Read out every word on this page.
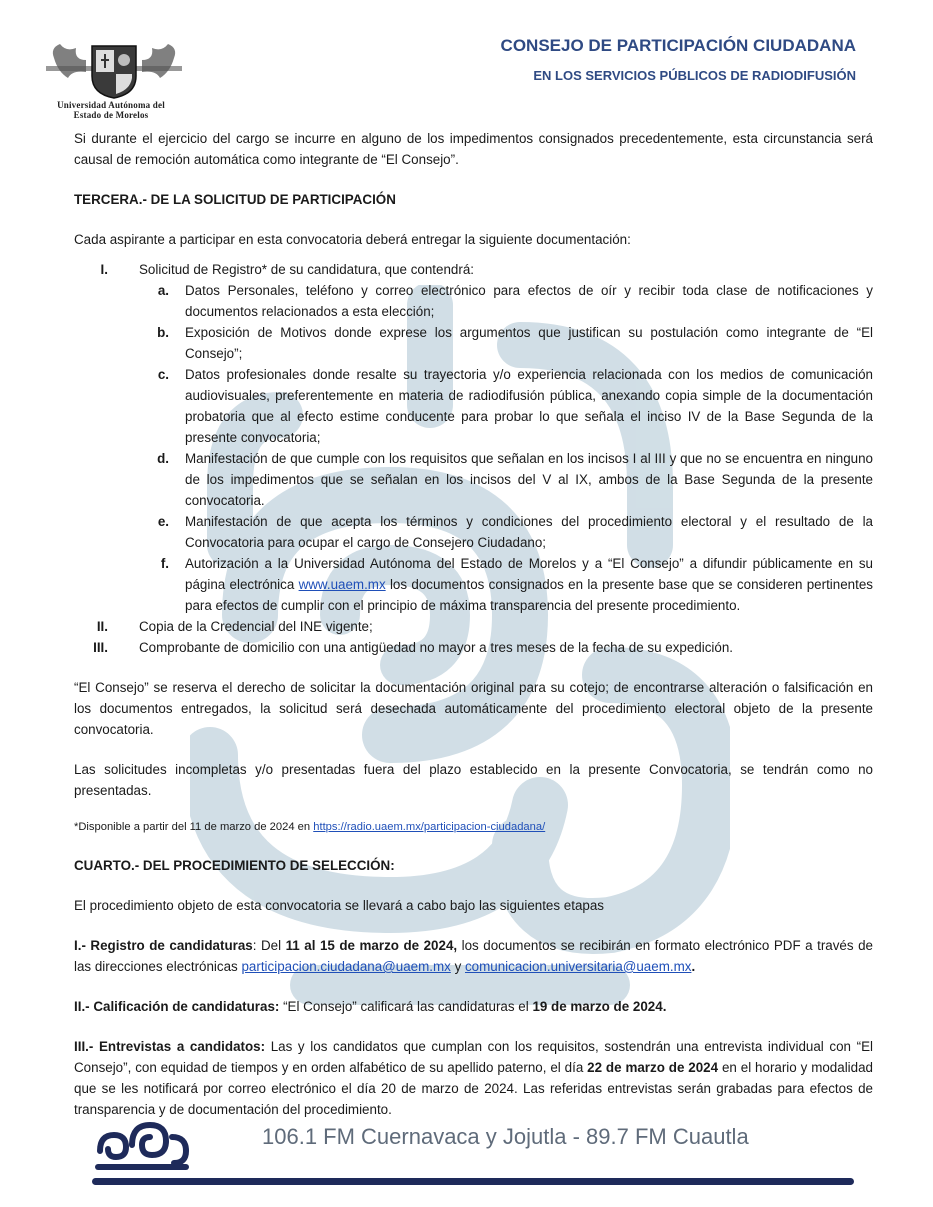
Universidad Autónoma del
Estado de Morelos
CONSEJO DE PARTICIPACIÓN CIUDADANA
EN LOS SERVICIOS PÚBLICOS DE RADIODIFUSIÓN

Si durante el ejercicio del cargo se incurre en alguno de los impedimentos consignados precedentemente, esta circunstancia será causal de remoción automática como integrante de “El Consejo”.

TERCERA.- DE LA SOLICITUD DE PARTICIPACIÓN

Cada aspirante a participar en esta convocatoria deberá entregar la siguiente documentación:

I. Solicitud de Registro* de su candidatura, que contendrá:
a. Datos Personales, teléfono y correo electrónico para efectos de oír y recibir toda clase de notificaciones y documentos relacionados a esta elección;
b. Exposición de Motivos donde exprese los argumentos que justifican su postulación como integrante de “El Consejo”;
c. Datos profesionales donde resalte su trayectoria y/o experiencia relacionada con los medios de comunicación audiovisuales, preferentemente en materia de radiodifusión pública, anexando copia simple de la documentación probatoria que al efecto estime conducente para probar lo que señala el inciso IV de la Base Segunda de la presente convocatoria;
d. Manifestación de que cumple con los requisitos que señalan en los incisos I al III y que no se encuentra en ninguno de los impedimentos que se señalan en los incisos del V al IX, ambos de la Base Segunda de la presente convocatoria.
e. Manifestación de que acepta los términos y condiciones del procedimiento electoral y el resultado de la Convocatoria para ocupar el cargo de Consejero Ciudadano;
f. Autorización a la Universidad Autónoma del Estado de Morelos y a “El Consejo” a difundir públicamente en su página electrónica www.uaem.mx los documentos consignados en la presente base que se consideren pertinentes para efectos de cumplir con el principio de máxima transparencia del presente procedimiento.
II. Copia de la Credencial del INE vigente;
III. Comprobante de domicilio con una antigüedad no mayor a tres meses de la fecha de su expedición.

“El Consejo” se reserva el derecho de solicitar la documentación original para su cotejo; de encontrarse alteración o falsificación en los documentos entregados, la solicitud será desechada automáticamente del procedimiento electoral objeto de la presente convocatoria.

Las solicitudes incompletas y/o presentadas fuera del plazo establecido en la presente Convocatoria, se tendrán como no presentadas.

*Disponible a partir del 11 de marzo de 2024 en https://radio.uaem.mx/participacion-ciudadana/

CUARTO.- DEL PROCEDIMIENTO DE SELECCIÓN:

El procedimiento objeto de esta convocatoria se llevará a cabo bajo las siguientes etapas

I.- Registro de candidaturas: Del 11 al 15 de marzo de 2024, los documentos se recibirán en formato electrónico PDF a través de las direcciones electrónicas participacion.ciudadana@uaem.mx y comunicacion.universitaria@uaem.mx.

II.- Calificación de candidaturas: “El Consejo” calificará las candidaturas el 19 de marzo de 2024.

III.- Entrevistas a candidatos: Las y los candidatos que cumplan con los requisitos, sostendrán una entrevista individual con “El Consejo”, con equidad de tiempos y en orden alfabético de su apellido paterno, el día 22 de marzo de 2024 en el horario y modalidad que se les notificará por correo electrónico el día 20 de marzo de 2024. Las referidas entrevistas serán grabadas para efectos de transparencia y de documentación del procedimiento.

106.1 FM Cuernavaca y Jojutla - 89.7 FM Cuautla
